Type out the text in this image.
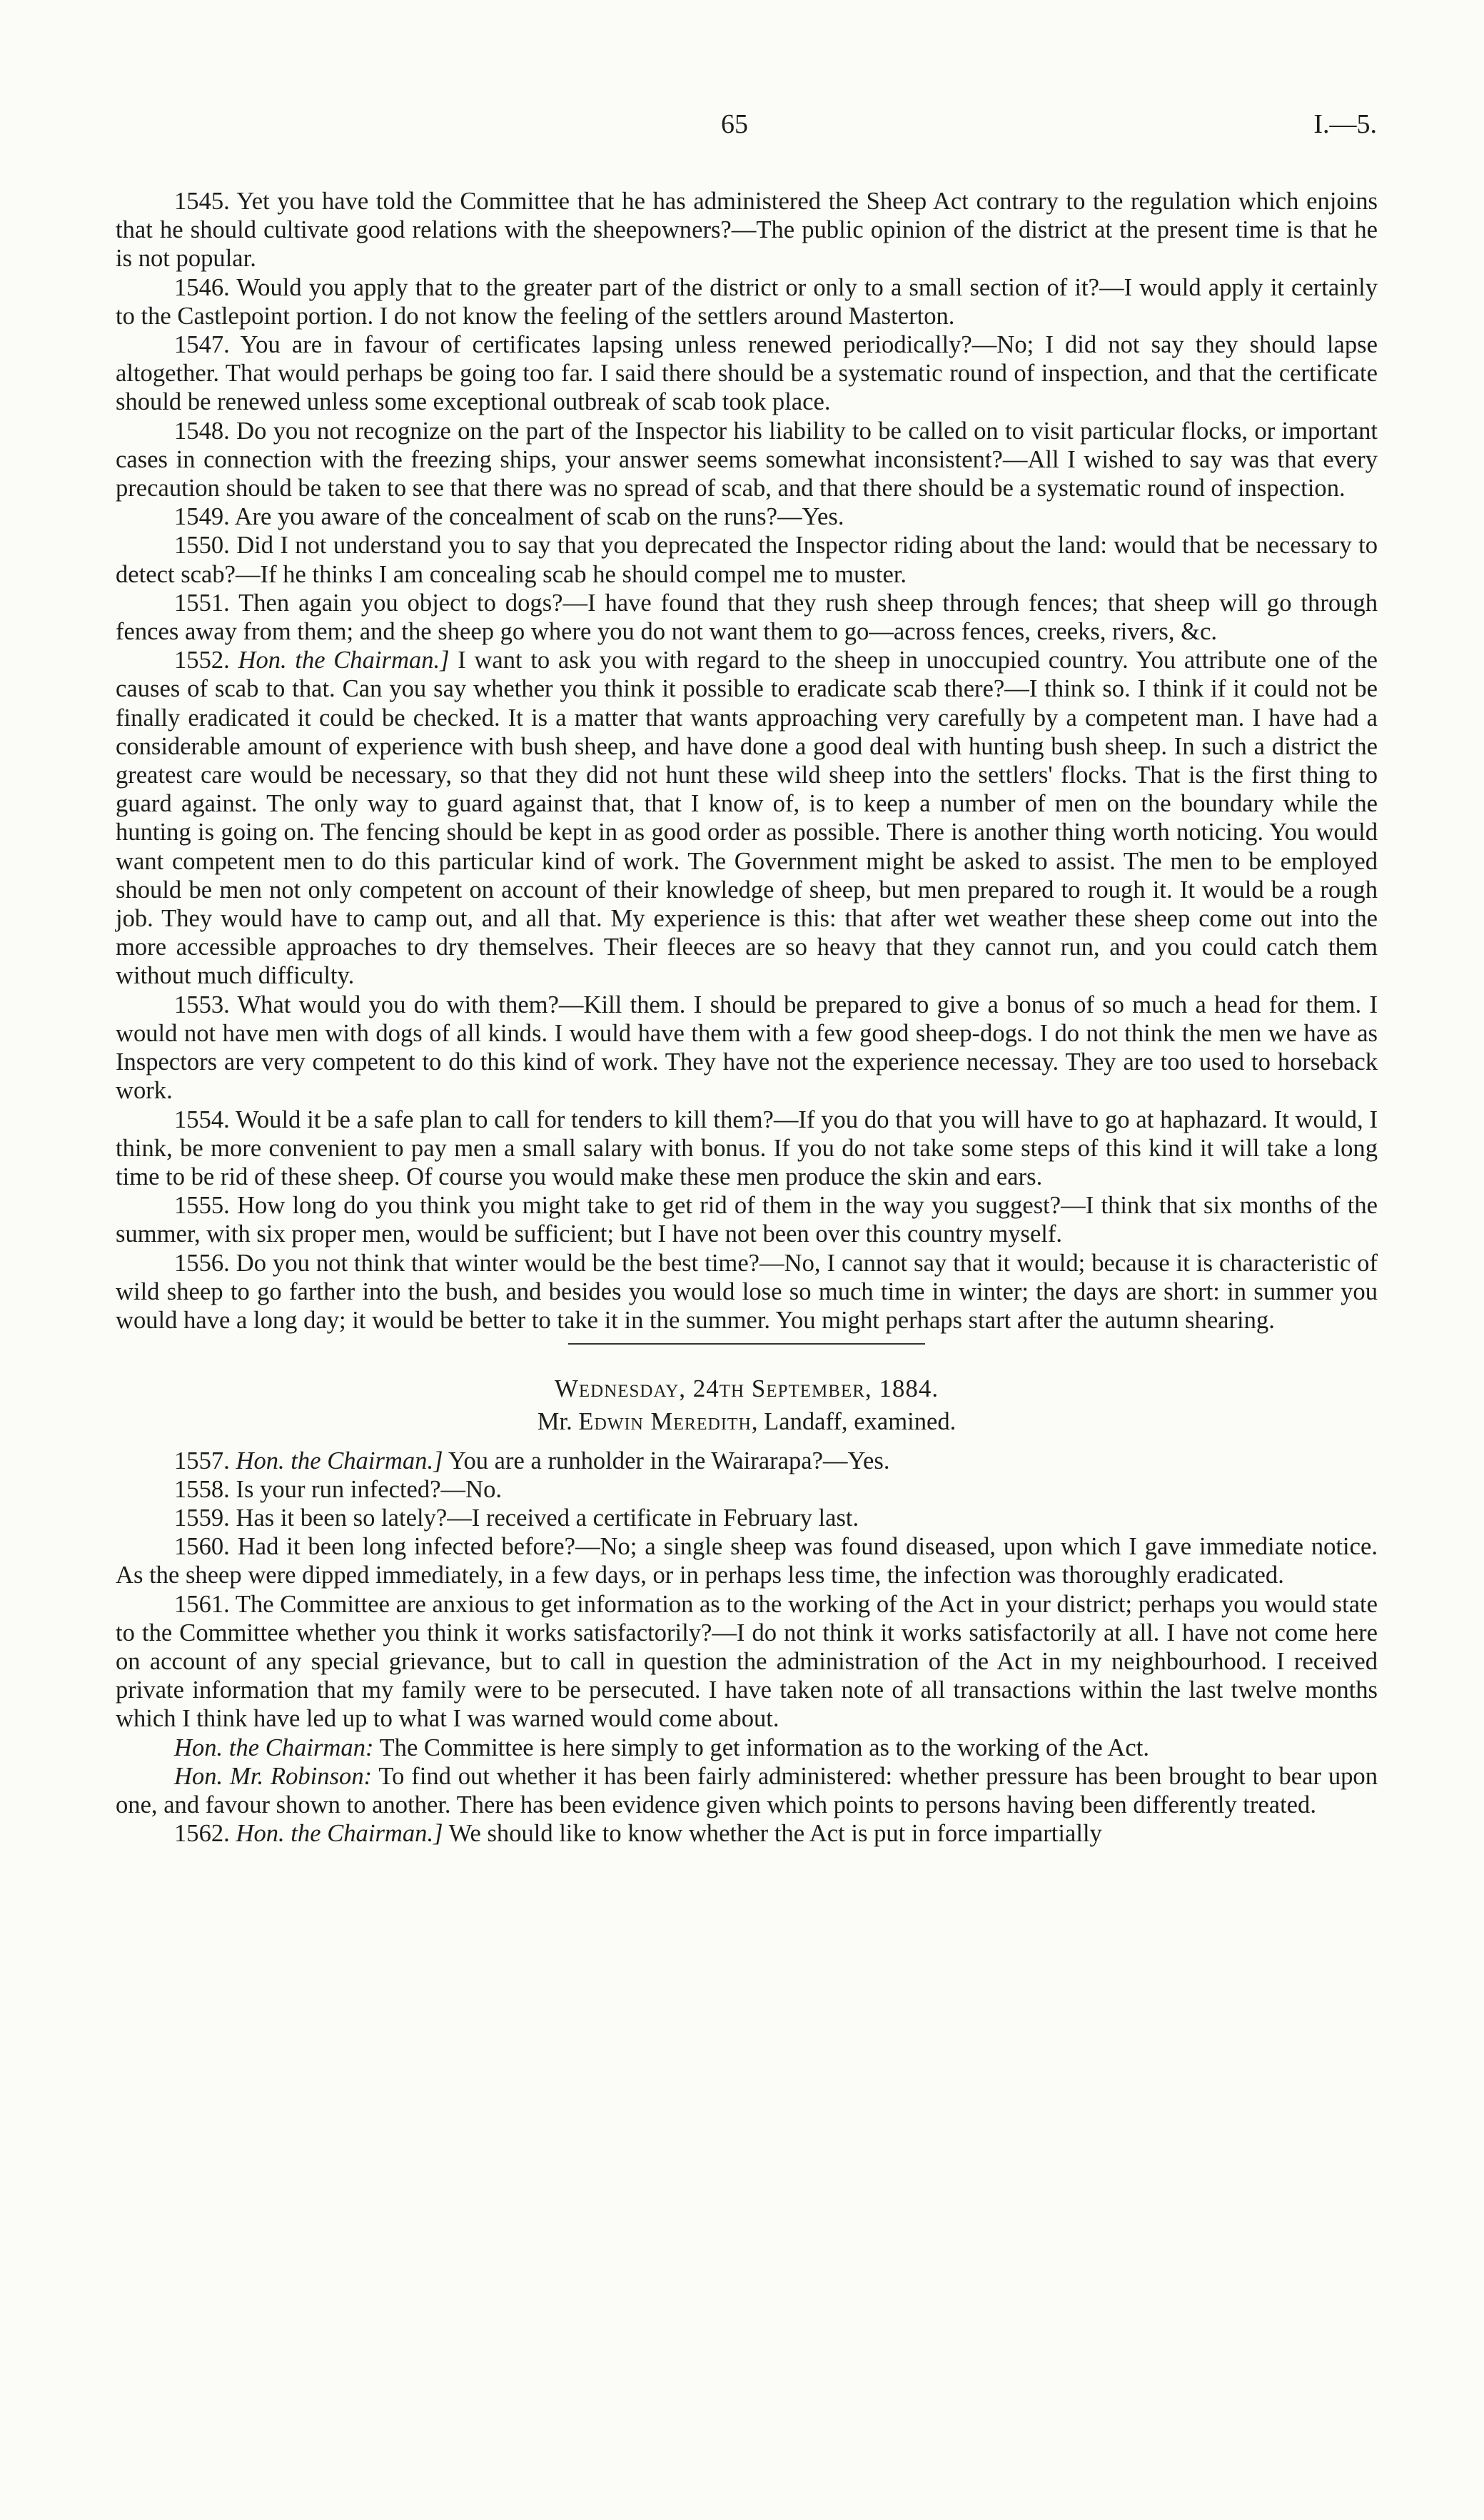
65	I.—5.

1545. Yet you have told the Committee that he has administered the Sheep Act contrary to the regulation which enjoins that he should cultivate good relations with the sheepowners?—The public opinion of the district at the present time is that he is not popular.

1546. Would you apply that to the greater part of the district or only to a small section of it?—I would apply it certainly to the Castlepoint portion. I do not know the feeling of the settlers around Masterton.

1547. You are in favour of certificates lapsing unless renewed periodically?—No; I did not say they should lapse altogether. That would perhaps be going too far. I said there should be a systematic round of inspection, and that the certificate should be renewed unless some exceptional outbreak of scab took place.

1548. Do you not recognize on the part of the Inspector his liability to be called on to visit particular flocks, or important cases in connection with the freezing ships, your answer seems somewhat inconsistent?—All I wished to say was that every precaution should be taken to see that there was no spread of scab, and that there should be a systematic round of inspection.

1549. Are you aware of the concealment of scab on the runs?—Yes.

1550. Did I not understand you to say that you deprecated the Inspector riding about the land: would that be necessary to detect scab?—If he thinks I am concealing scab he should compel me to muster.

1551. Then again you object to dogs?—I have found that they rush sheep through fences; that sheep will go through fences away from them; and the sheep go where you do not want them to go—across fences, creeks, rivers, &c.

1552. Hon. the Chairman.] I want to ask you with regard to the sheep in unoccupied country. You attribute one of the causes of scab to that. Can you say whether you think it possible to eradicate scab there?—I think so. I think if it could not be finally eradicated it could be checked. It is a matter that wants approaching very carefully by a competent man. I have had a considerable amount of experience with bush sheep, and have done a good deal with hunting bush sheep. In such a district the greatest care would be necessary, so that they did not hunt these wild sheep into the settlers' flocks. That is the first thing to guard against. The only way to guard against that, that I know of, is to keep a number of men on the boundary while the hunting is going on. The fencing should be kept in as good order as possible. There is another thing worth noticing. You would want competent men to do this particular kind of work. The Government might be asked to assist. The men to be employed should be men not only competent on account of their knowledge of sheep, but men prepared to rough it. It would be a rough job. They would have to camp out, and all that. My experience is this: that after wet weather these sheep come out into the more accessible approaches to dry themselves. Their fleeces are so heavy that they cannot run, and you could catch them without much difficulty.

1553. What would you do with them?—Kill them. I should be prepared to give a bonus of so much a head for them. I would not have men with dogs of all kinds. I would have them with a few good sheep-dogs. I do not think the men we have as Inspectors are very competent to do this kind of work. They have not the experience necessay. They are too used to horseback work.

1554. Would it be a safe plan to call for tenders to kill them?—If you do that you will have to go at haphazard. It would, I think, be more convenient to pay men a small salary with bonus. If you do not take some steps of this kind it will take a long time to be rid of these sheep. Of course you would make these men produce the skin and ears.

1555. How long do you think you might take to get rid of them in the way you suggest?—I think that six months of the summer, with six proper men, would be sufficient; but I have not been over this country myself.

1556. Do you not think that winter would be the best time?—No, I cannot say that it would; because it is characteristic of wild sheep to go farther into the bush, and besides you would lose so much time in winter; the days are short: in summer you would have a long day; it would be better to take it in the summer. You might perhaps start after the autumn shearing.

Wednesday, 24th September, 1884.

Mr. Edwin Meredith, Landaff, examined.

1557. Hon. the Chairman.] You are a runholder in the Wairarapa?—Yes.

1558. Is your run infected?—No.

1559. Has it been so lately?—I received a certificate in February last.

1560. Had it been long infected before?—No; a single sheep was found diseased, upon which I gave immediate notice. As the sheep were dipped immediately, in a few days, or in perhaps less time, the infection was thoroughly eradicated.

1561. The Committee are anxious to get information as to the working of the Act in your district; perhaps you would state to the Committee whether you think it works satisfactorily?—I do not think it works satisfactorily at all. I have not come here on account of any special grievance, but to call in question the administration of the Act in my neighbourhood. I received private information that my family were to be persecuted. I have taken note of all transactions within the last twelve months which I think have led up to what I was warned would come about.

Hon. the Chairman: The Committee is here simply to get information as to the working of the Act.

Hon. Mr. Robinson: To find out whether it has been fairly administered: whether pressure has been brought to bear upon one, and favour shown to another. There has been evidence given which points to persons having been differently treated.

1562. Hon. the Chairman.] We should like to know whether the Act is put in force impartially
